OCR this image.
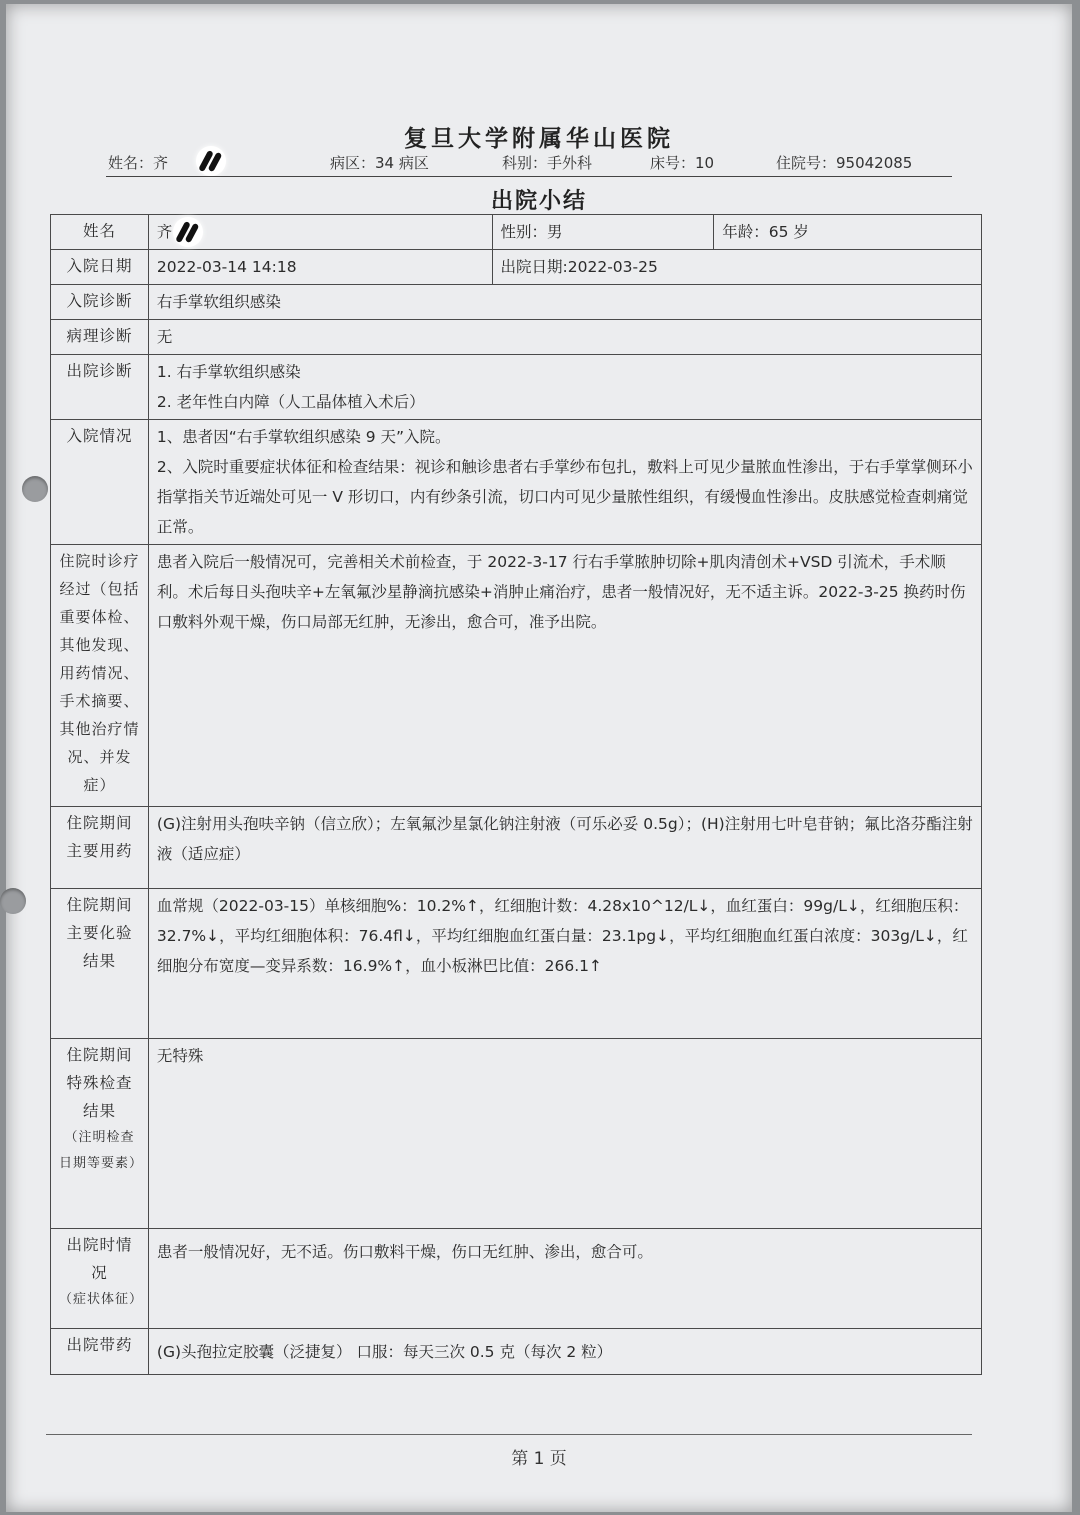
复旦大学附属华山医院
姓名：齐	病区：34 病区	科别：手外科	床号：10	住院号：95042085
出院小结
姓名	齐	性别：男	年龄：65 岁
入院日期	2022-03-14 14:18	出院日期:2022-03-25	
入院诊断	右手掌软组织感染		
病理诊断	无		
出院诊断	1. 右手掌软组织感染
2. 老年性白内障（人工晶体植入术后）		

入院情况	1、患者因“右手掌软组织感染 9 天”入院。
2、入院时重要症状体征和检查结果：视诊和触诊患者右手掌纱布包扎，敷料上可见少量脓血性渗出，于右手掌掌侧环小指掌指关节近端处可见一 V 形切口，内有纱条引流，切口内可见少量脓性组织，有缓慢血性渗出。皮肤感觉检查刺痛觉正常。		

住院时诊疗经过（包括重要体检、其他发现、用药情况、手术摘要、其他治疗情况、并发症）	患者入院后一般情况可，完善相关术前检查，于 2022-3-17 行右手掌脓肿切除+肌肉清创术+VSD 引流术，手术顺利。术后每日头孢呋辛+左氧氟沙星静滴抗感染+消肿止痛治疗，患者一般情况好，无不适主诉。2022-3-25 换药时伤口敷料外观干燥，伤口局部无红肿，无渗出，愈合可，准予出院。		
住院期间主要用药	(G)注射用头孢呋辛钠（信立欣）；左氧氟沙星氯化钠注射液（可乐必妥 0.5g）；(H)注射用七叶皂苷钠；氟比洛芬酯注射液（适应症）		
住院期间主要化验结果	血常规（2022-03-15）单核细胞%：10.2%↑，红细胞计数：4.28x10^12/L↓，血红蛋白：99g/L↓，红细胞压积：32.7%↓，平均红细胞体积：76.4fl↓，平均红细胞血红蛋白量：23.1pg↓，平均红细胞血红蛋白浓度：303g/L↓，红细胞分布宽度—变异系数：16.9%↑，血小板淋巴比值：266.1↑		
住院期间特殊检查结果
（注明检查日期等要素）	无特殊		
出院时情况
（症状体征）	患者一般情况好，无不适。伤口敷料干燥，伤口无红肿、渗出，愈合可。		
出院带药	(G)头孢拉定胶囊（泛捷复） 口服：每天三次 0.5 克（每次 2 粒）		
第 1 页
